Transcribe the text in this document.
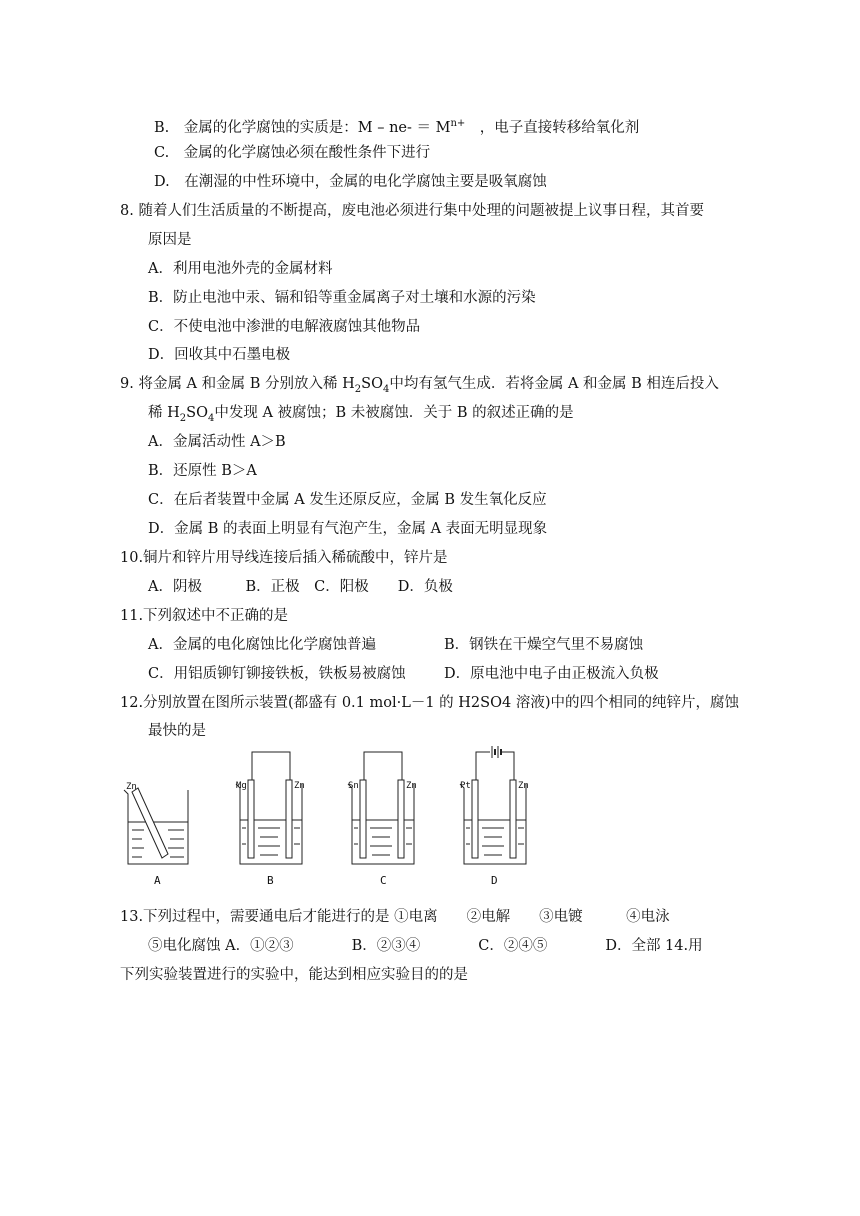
B.　金属的化学腐蚀的实质是：$M - ne- = M^{n+}$　 ，电子直接转移给氧化剂
C.　金属的化学腐蚀必须在酸性条件下进行
D.　在潮湿的中性环境中，金属的电化学腐蚀主要是吸氧腐蚀
8. 随着人们生活质量的不断提高，废电池必须进行集中处理的问题被提上议事日程，其首要
原因是
A．利用电池外壳的金属材料
B．防止电池中汞、镉和铅等重金属离子对土壤和水源的污染
C．不使电池中渗泄的电解液腐蚀其他物品
D．回收其中石墨电极
9. 将金属 A 和金属 B 分别放入稀 $H_2SO_4$中均有氢气生成．若将金属 A 和金属 B 相连后投入
稀 $H_2SO_4$中发现 A 被腐蚀；B 未被腐蚀．关于 B 的叙述正确的是
A．金属活动性 A＞B
B．还原性 B＞A
C．在后者装置中金属 A 发生还原反应，金属 B 发生氧化反应
D．金属 B 的表面上明显有气泡产生，金属 A 表面无明显现象
10.铜片和锌片用导线连接后插入稀硫酸中，锌片是
A．阴极　　　B．正极　C．阳极　　D．负极
11.下列叙述中不正确的是
A．金属的电化腐蚀比化学腐蚀普遍	B．钢铁在干燥空气里不易腐蚀
C．用铝质铆钉铆接铁板，铁板易被腐蚀	D．原电池中电子由正极流入负极
12.分别放置在图所示装置(都盛有 0.1 mol·L－1 的 H2SO4 溶液)中的四个相同的纯锌片，腐蚀
最快的是
Zn	Mg	Zn	Sn	Zn	Pt	Zn
A	B	C	D
13.下列过程中，需要通电后才能进行的是 ①电离　　②电解　　③电镀　　　④电泳
⑤电化腐蚀 A．①②③　　　　B．②③④　　　　C．②④⑤　　　　D．全部 14.用
下列实验装置进行的实验中，能达到相应实验目的的是
